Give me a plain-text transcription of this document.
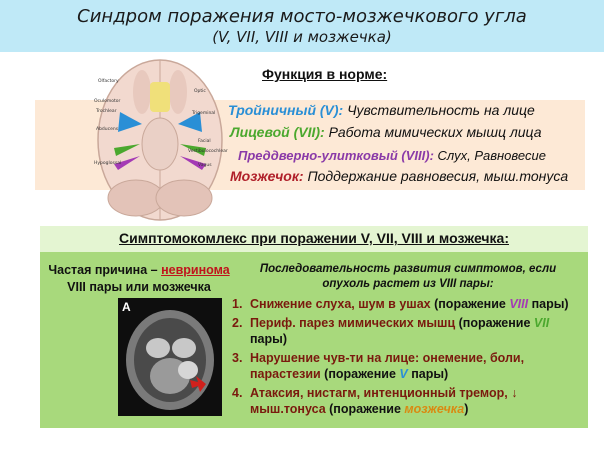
Синдром поражения мосто-мозжечкового угла
(V, VII, VIII и мозжечка)
Olfactory
Optic
Oculomotor
Trochlear	Trigeminal
Abducens
Facial
Vestibulocochlear
Hypoglossal	Vagus
Функция в норме:
Тройничный (V): Чувствительность на лице
Лицевой (VII): Работа мимических мышц лица
Преддверно-улитковый (VIII): Слух, Равновесие
Мозжечок: Поддержание равновесия, мыш.тонуса
Симптомокомлекс при поражении V, VII, VIII и мозжечка:
Частая причина – невринома
VIII пары или мозжечка
A
Последовательность развития симптомов, если опухоль растет из VIII пары:
1. Снижение слуха, шум в ушах (поражение VIII пары)
2. Периф. парез мимических мышц (поражение VII пары)
3. Нарушение чув-ти на лице: онемение, боли, парастезии (поражение V пары)
4. Атаксия, нистагм, интенционный тремор, ↓ мыш.тонуса (поражение мозжечка)
